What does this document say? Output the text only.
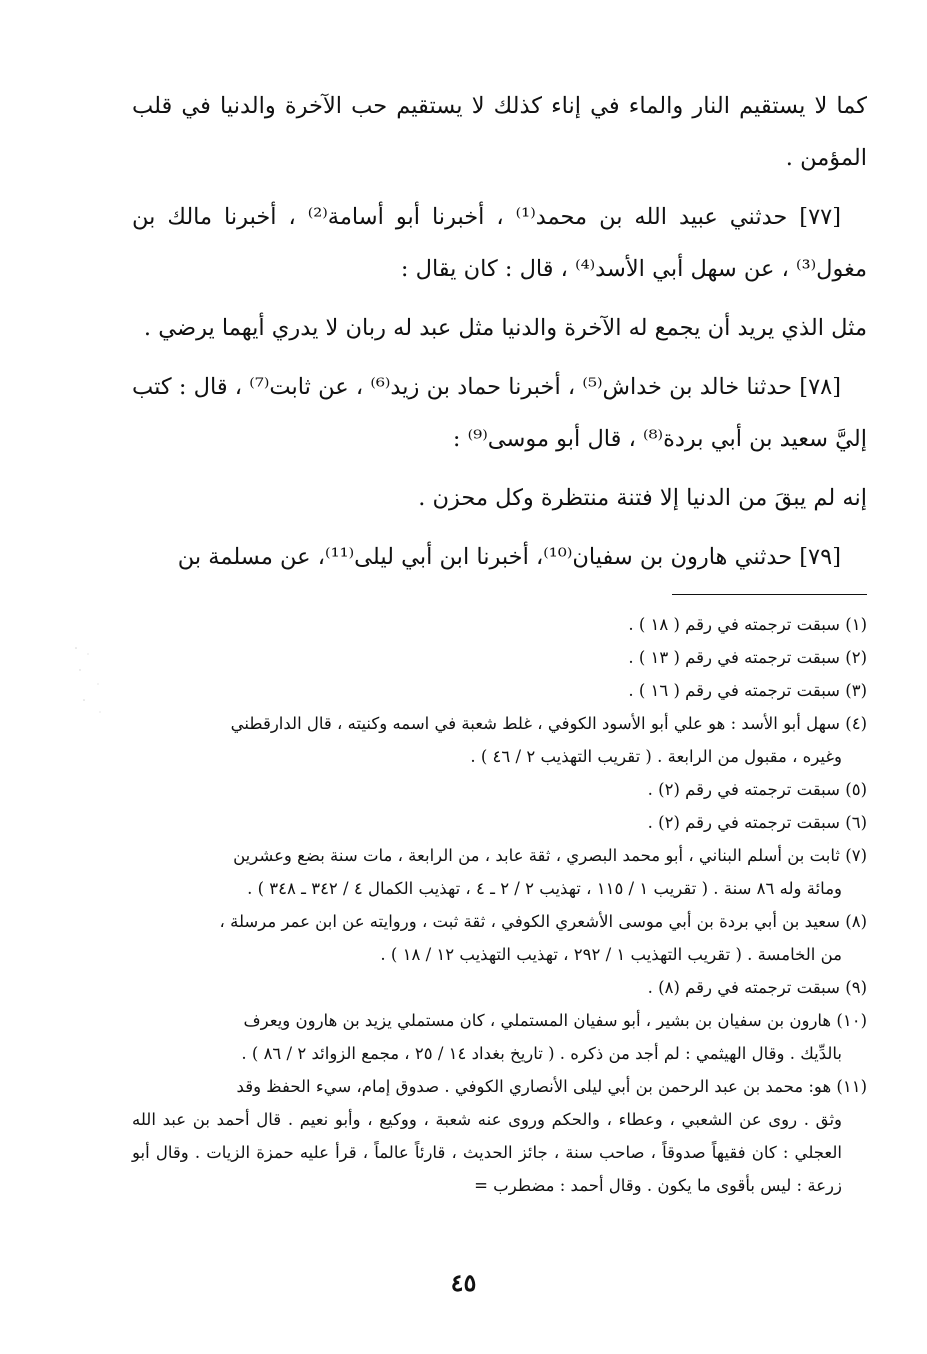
كما لا يستقيم النار والماء في إناء كذلك لا يستقيم حب الآخرة والدنيا في قلب المؤمن .

[٧٧] حدثني عبيد الله بن محمد⁽¹⁾ ، أخبرنا أبو أسامة⁽²⁾ ، أخبرنا مالك بن مغول⁽³⁾ ، عن سهل أبي الأسد⁽⁴⁾ ، قال : كان يقال :

مثل الذي يريد أن يجمع له الآخرة والدنيا مثل عبد له ربان لا يدري أيهما يرضي .

[٧٨] حدثنا خالد بن خداش⁽⁵⁾ ، أخبرنا حماد بن زيد⁽⁶⁾ ، عن ثابت⁽⁷⁾ ، قال : كتب إليَّ سعيد بن أبي بردة⁽⁸⁾ ، قال أبو موسى⁽⁹⁾ :

إنه لم يبقَ من الدنيا إلا فتنة منتظرة وكل محزن .

[٧٩] حدثني هارون بن سفيان⁽¹⁰⁾، أخبرنا ابن أبي ليلى⁽¹¹⁾، عن مسلمة بن

(١) سبقت ترجمته في رقم ( ١٨ ) .

(٢) سبقت ترجمته في رقم ( ١٣ ) .

(٣) سبقت ترجمته في رقم ( ١٦ ) .

(٤) سهل أبو الأسد : هو علي أبو الأسود الكوفي ، غلط شعبة في اسمه وكنيته ، قال الدارقطني

وغيره ، مقبول من الرابعة . ( تقريب التهذيب ٢ / ٤٦ ) .

(٥) سبقت ترجمته في رقم (٢) .

(٦) سبقت ترجمته في رقم (٢) .

(٧) ثابت بن أسلم البناني ، أبو محمد البصري ، ثقة عابد ، من الرابعة ، مات سنة بضع وعشرين

ومائة وله ٨٦ سنة . ( تقريب ١ / ١١٥ ، تهذيب ٢ / ٢ ـ ٤ ، تهذيب الكمال ٤ / ٣٤٢ ـ ٣٤٨ ) .

(٨) سعيد بن أبي بردة بن أبي موسى الأشعري الكوفي ، ثقة ثبت ، وروايته عن ابن عمر مرسلة ،

من الخامسة . ( تقريب التهذيب ١ / ٢٩٢ ، تهذيب التهذيب ١٢ / ١٨ ) .

(٩) سبقت ترجمته في رقم (٨) .

(١٠) هارون بن سفيان بن بشير ، أبو سفيان المستملي ، كان مستملي يزيد بن هارون ويعرف

بالدِّيك . وقال الهيثمي : لم أجد من ذكره . ( تاريخ بغداد ١٤ / ٢٥ ، مجمع الزوائد ٢ / ٨٦ ) .

(١١) هو: محمد بن عبد الرحمن بن أبي ليلى الأنصاري الكوفي . صدوق إمام، سيء الحفظ وقد

وثق . روى عن الشعبي ، وعطاء ، والحكم وروى عنه شعبة ، ووكيع ، وأبو نعيم . قال أحمد بن عبد الله العجلي : كان فقيهاً صدوقاً ، صاحب سنة ، جائز الحديث ، قارئاً عالماً ، قرأ عليه حمزة الزيات . وقال أبو زرعة : ليس بأقوى ما يكون . وقال أحمد : مضطرب =

٤٥
